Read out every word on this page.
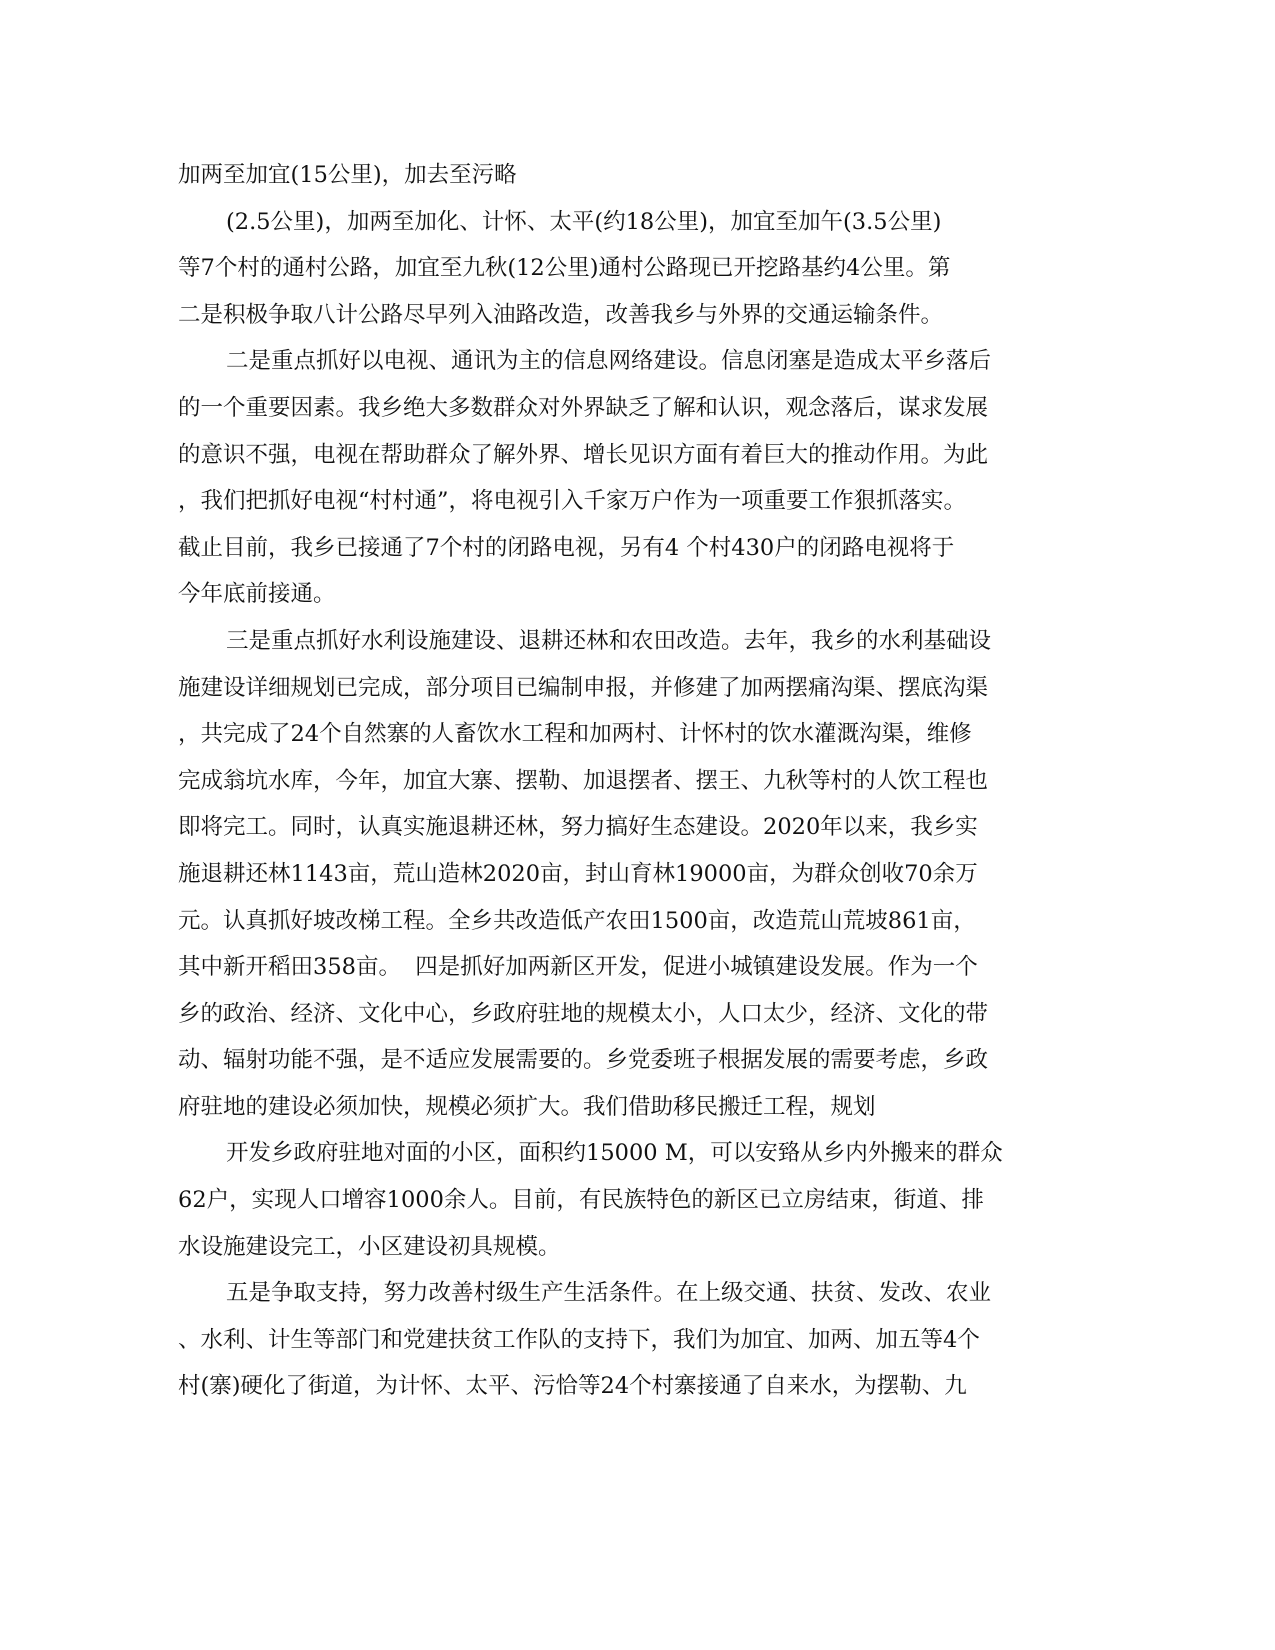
加两至加宜(15公里)，加去至污略
(2.5公里)，加两至加化、计怀、太平(约18公里)，加宜至加午(3.5公里)
等7个村的通村公路，加宜至九秋(12公里)通村公路现已开挖路基约4公里。第
二是积极争取八计公路尽早列入油路改造，改善我乡与外界的交通运输条件。
二是重点抓好以电视、通讯为主的信息网络建设。信息闭塞是造成太平乡落后
的一个重要因素。我乡绝大多数群众对外界缺乏了解和认识，观念落后，谋求发展
的意识不强，电视在帮助群众了解外界、增长见识方面有着巨大的推动作用。为此
，我们把抓好电视“村村通”，将电视引入千家万户作为一项重要工作狠抓落实。
截止目前，我乡已接通了7个村的闭路电视，另有4 个村430户的闭路电视将于
今年底前接通。
三是重点抓好水利设施建设、退耕还林和农田改造。去年，我乡的水利基础设
施建设详细规划已完成，部分项目已编制申报，并修建了加两摆痛沟渠、摆底沟渠
，共完成了24个自然寨的人畜饮水工程和加两村、计怀村的饮水灌溉沟渠，维修
完成翁坑水库，今年，加宜大寨、摆勒、加退摆者、摆王、九秋等村的人饮工程也
即将完工。同时，认真实施退耕还林，努力搞好生态建设。2020年以来，我乡实
施退耕还林1143亩，荒山造林2020亩，封山育林19000亩，为群众创收70余万
元。认真抓好坡改梯工程。全乡共改造低产农田1500亩，改造荒山荒坡861亩，
其中新开稻田358亩。  四是抓好加两新区开发，促进小城镇建设发展。作为一个
乡的政治、经济、文化中心，乡政府驻地的规模太小，人口太少，经济、文化的带
动、辐射功能不强，是不适应发展需要的。乡党委班子根据发展的需要考虑，乡政
府驻地的建设必须加快，规模必须扩大。我们借助移民搬迁工程，规划
开发乡政府驻地对面的小区，面积约15000 M，可以安臵从乡内外搬来的群众
62户，实现人口增容1000余人。目前，有民族特色的新区已立房结束，街道、排
水设施建设完工，小区建设初具规模。
五是争取支持，努力改善村级生产生活条件。在上级交通、扶贫、发改、农业
、水利、计生等部门和党建扶贫工作队的支持下，我们为加宜、加两、加五等4个
村(寨)硬化了街道，为计怀、太平、污恰等24个村寨接通了自来水，为摆勒、九
